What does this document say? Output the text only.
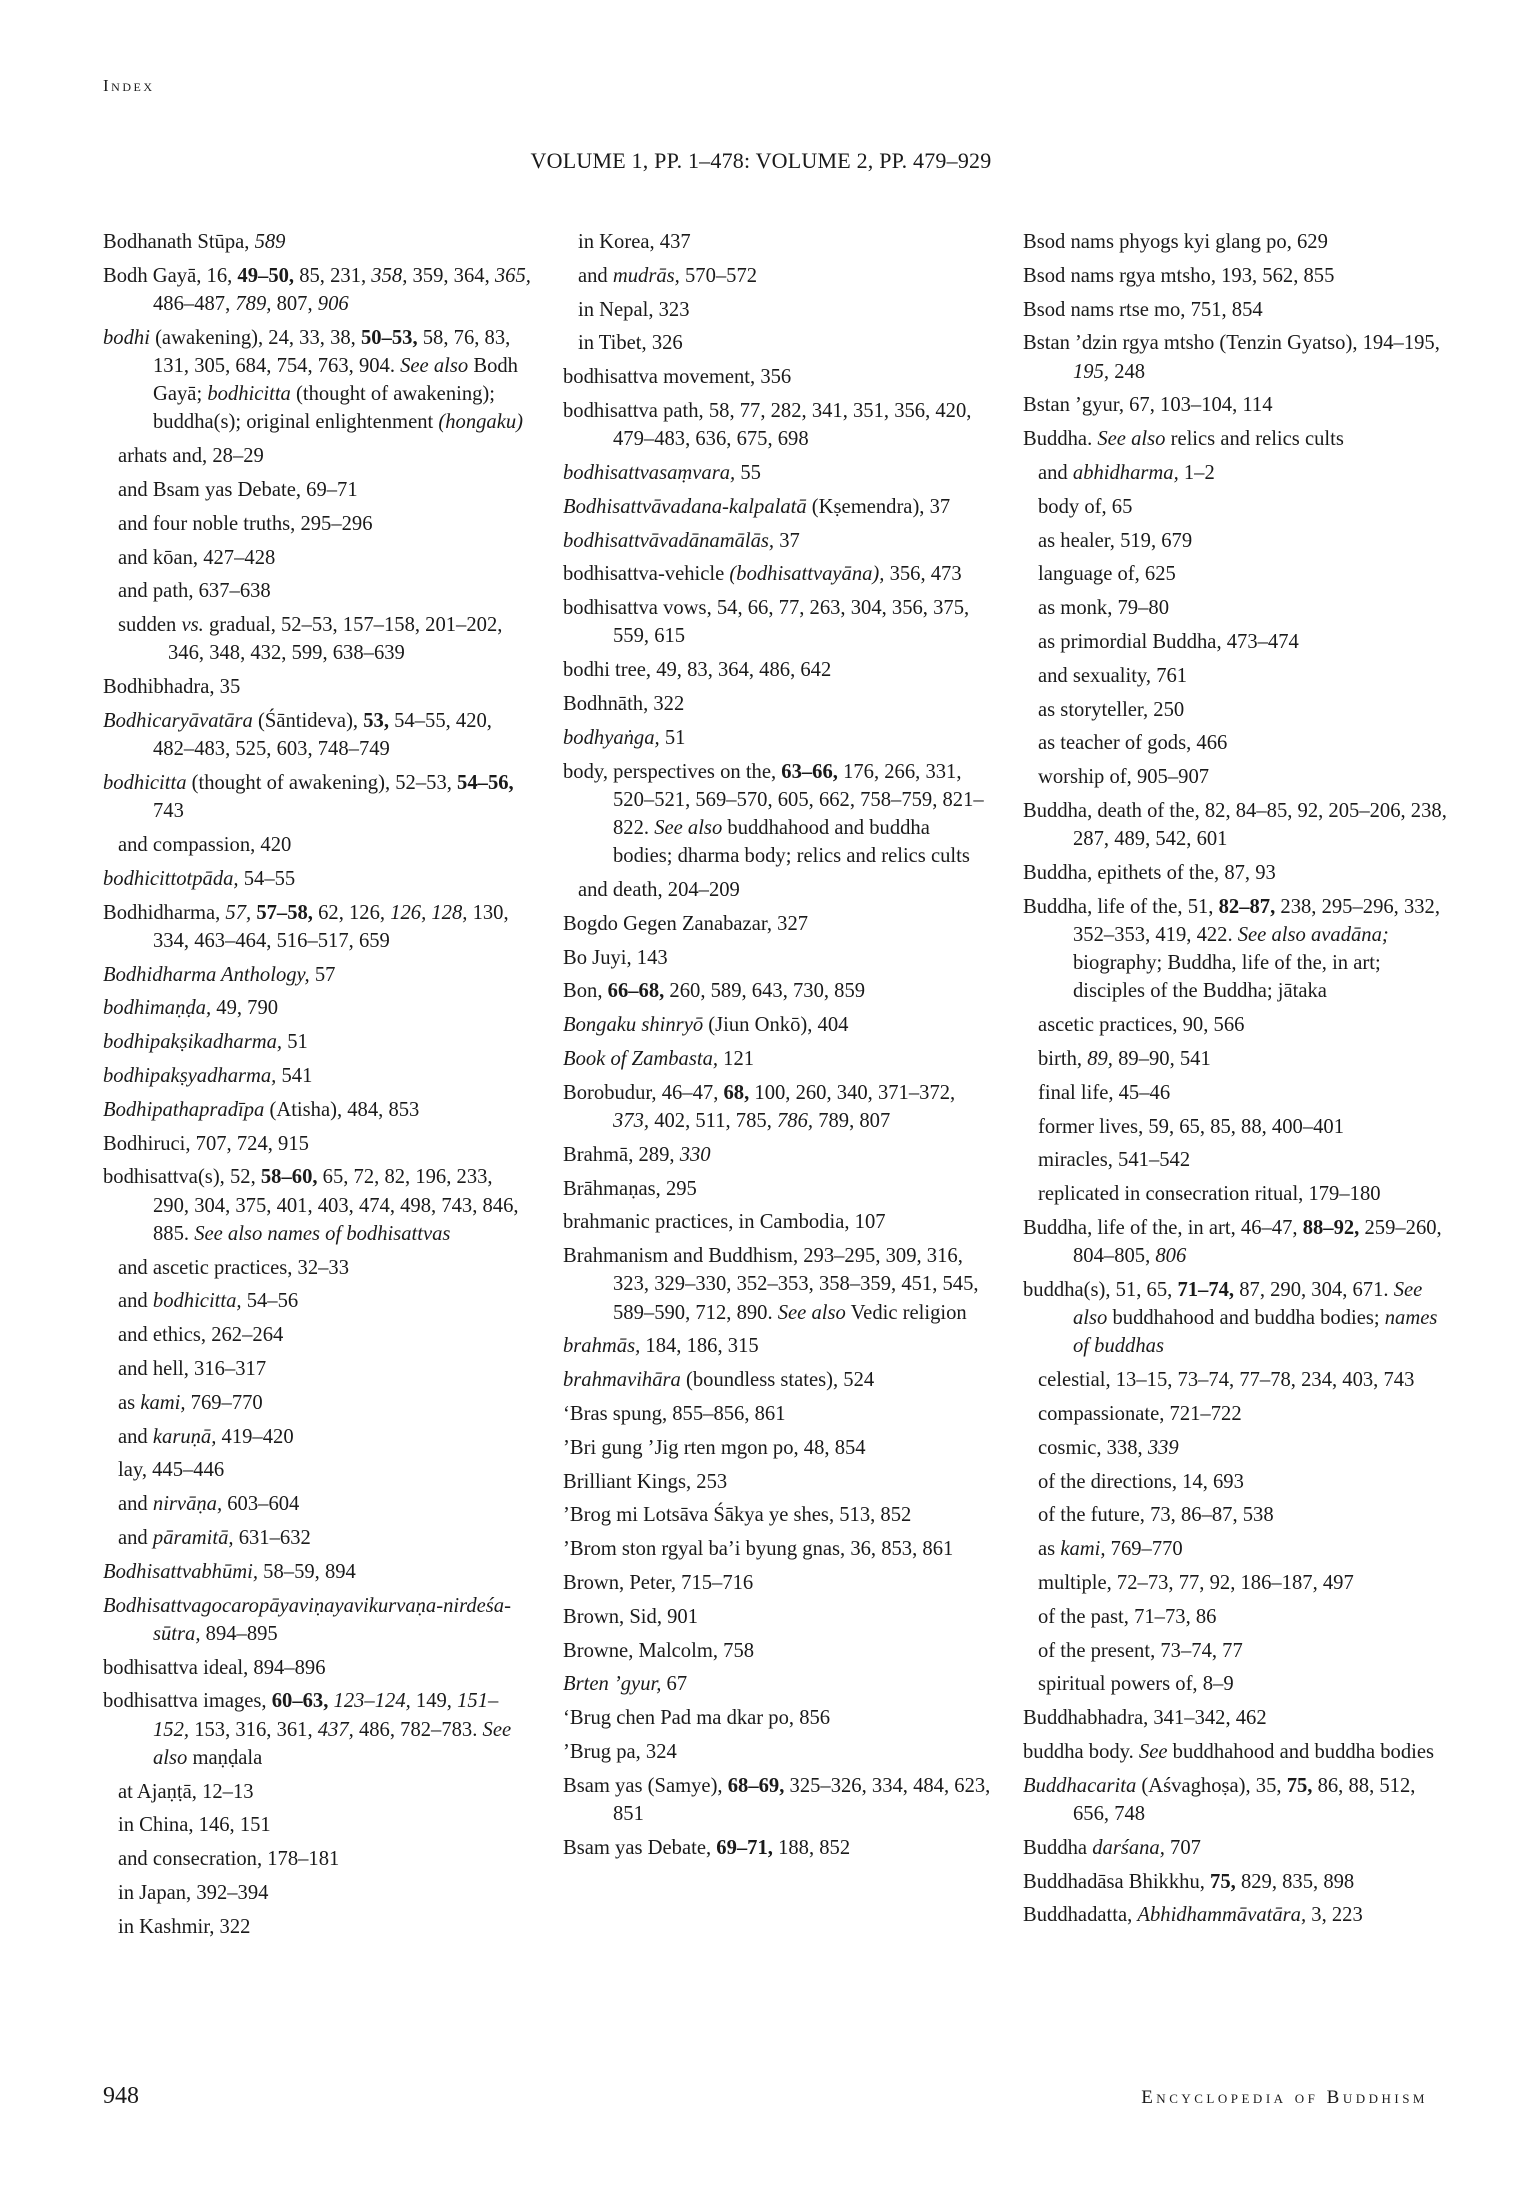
Index
VOLUME 1, PP. 1–478: VOLUME 2, PP. 479–929
Bodhanath Stūpa, 589
Bodh Gayā, 16, 49–50, 85, 231, 358, 359, 364, 365, 486–487, 789, 807, 906
bodhi (awakening), 24, 33, 38, 50–53, 58, 76, 83, 131, 305, 684, 754, 763, 904. See also Bodh Gayā; bodhicitta (thought of awakening); buddha(s); original enlightenment (hongaku)
arhats and, 28–29
and Bsam yas Debate, 69–71
and four noble truths, 295–296
and kōan, 427–428
and path, 637–638
sudden vs. gradual, 52–53, 157–158, 201–202, 346, 348, 432, 599, 638–639
Bodhibhadra, 35
Bodhicaryāvatāra (Śāntideva), 53, 54–55, 420, 482–483, 525, 603, 748–749
bodhicitta (thought of awakening), 52–53, 54–56, 743
and compassion, 420
bodhicittotpāda, 54–55
Bodhidharma, 57, 57–58, 62, 126, 126, 128, 130, 334, 463–464, 516–517, 659
Bodhidharma Anthology, 57
bodhimaṇḍa, 49, 790
bodhipakṣikadharma, 51
bodhipakṣyadharma, 541
Bodhipathapradīpa (Atisha), 484, 853
Bodhiruci, 707, 724, 915
bodhisattva(s), 52, 58–60, 65, 72, 82, 196, 233, 290, 304, 375, 401, 403, 474, 498, 743, 846, 885. See also names of bodhisattvas
and ascetic practices, 32–33
and bodhicitta, 54–56
and ethics, 262–264
and hell, 316–317
as kami, 769–770
and karuṇā, 419–420
lay, 445–446
and nirvāṇa, 603–604
and pāramitā, 631–632
Bodhisattvabhūmi, 58–59, 894
Bodhisattvagocaropāyaviṇayavikurvaṇa-nirdeśa-sūtra, 894–895
bodhisattva ideal, 894–896
bodhisattva images, 60–63, 123–124, 149, 151–152, 153, 316, 361, 437, 486, 782–783. See also maṇḍala
at Ajaṇṭā, 12–13
in China, 146, 151
and consecration, 178–181
in Japan, 392–394
in Kashmir, 322
in Korea, 437
and mudrās, 570–572
in Nepal, 323
in Tibet, 326
bodhisattva movement, 356
bodhisattva path, 58, 77, 282, 341, 351, 356, 420, 479–483, 636, 675, 698
bodhisattvasaṃvara, 55
Bodhisattvāvadana-kalpalatā (Kṣemendra), 37
bodhisattvāvadānamālās, 37
bodhisattva-vehicle (bodhisattvayāna), 356, 473
bodhisattva vows, 54, 66, 77, 263, 304, 356, 375, 559, 615
bodhi tree, 49, 83, 364, 486, 642
Bodhnāth, 322
bodhyaṅga, 51
body, perspectives on the, 63–66, 176, 266, 331, 520–521, 569–570, 605, 662, 758–759, 821–822. See also buddhahood and buddha bodies; dharma body; relics and relics cults
and death, 204–209
Bogdo Gegen Zanabazar, 327
Bo Juyi, 143
Bon, 66–68, 260, 589, 643, 730, 859
Bongaku shinryō (Jiun Onkō), 404
Book of Zambasta, 121
Borobudur, 46–47, 68, 100, 260, 340, 371–372, 373, 402, 511, 785, 786, 789, 807
Brahmā, 289, 330
Brāhmaṇas, 295
brahmanic practices, in Cambodia, 107
Brahmanism and Buddhism, 293–295, 309, 316, 323, 329–330, 352–353, 358–359, 451, 545, 589–590, 712, 890. See also Vedic religion
brahmās, 184, 186, 315
brahmavihāra (boundless states), 524
‘Bras spung, 855–856, 861
’Bri gung ’Jig rten mgon po, 48, 854
Brilliant Kings, 253
’Brog mi Lotsāva Śākya ye shes, 513, 852
’Brom ston rgyal ba’i byung gnas, 36, 853, 861
Brown, Peter, 715–716
Brown, Sid, 901
Browne, Malcolm, 758
Brten ’gyur, 67
‘Brug chen Pad ma dkar po, 856
’Brug pa, 324
Bsam yas (Samye), 68–69, 325–326, 334, 484, 623, 851
Bsam yas Debate, 69–71, 188, 852
Bsod nams phyogs kyi glang po, 629
Bsod nams rgya mtsho, 193, 562, 855
Bsod nams rtse mo, 751, 854
Bstan ’dzin rgya mtsho (Tenzin Gyatso), 194–195, 195, 248
Bstan ’gyur, 67, 103–104, 114
Buddha. See also relics and relics cults
and abhidharma, 1–2
body of, 65
as healer, 519, 679
language of, 625
as monk, 79–80
as primordial Buddha, 473–474
and sexuality, 761
as storyteller, 250
as teacher of gods, 466
worship of, 905–907
Buddha, death of the, 82, 84–85, 92, 205–206, 238, 287, 489, 542, 601
Buddha, epithets of the, 87, 93
Buddha, life of the, 51, 82–87, 238, 295–296, 332, 352–353, 419, 422. See also avadāna; biography; Buddha, life of the, in art; disciples of the Buddha; jātaka
ascetic practices, 90, 566
birth, 89, 89–90, 541
final life, 45–46
former lives, 59, 65, 85, 88, 400–401
miracles, 541–542
replicated in consecration ritual, 179–180
Buddha, life of the, in art, 46–47, 88–92, 259–260, 804–805, 806
buddha(s), 51, 65, 71–74, 87, 290, 304, 671. See also buddhahood and buddha bodies; names of buddhas
celestial, 13–15, 73–74, 77–78, 234, 403, 743
compassionate, 721–722
cosmic, 338, 339
of the directions, 14, 693
of the future, 73, 86–87, 538
as kami, 769–770
multiple, 72–73, 77, 92, 186–187, 497
of the past, 71–73, 86
of the present, 73–74, 77
spiritual powers of, 8–9
Buddhabhadra, 341–342, 462
buddha body. See buddhahood and buddha bodies
Buddhacarita (Aśvaghoṣa), 35, 75, 86, 88, 512, 656, 748
Buddha darśana, 707
Buddhadāsa Bhikkhu, 75, 829, 835, 898
Buddhadatta, Abhidhammāvatāra, 3, 223
948	Encyclopedia of Buddhism
